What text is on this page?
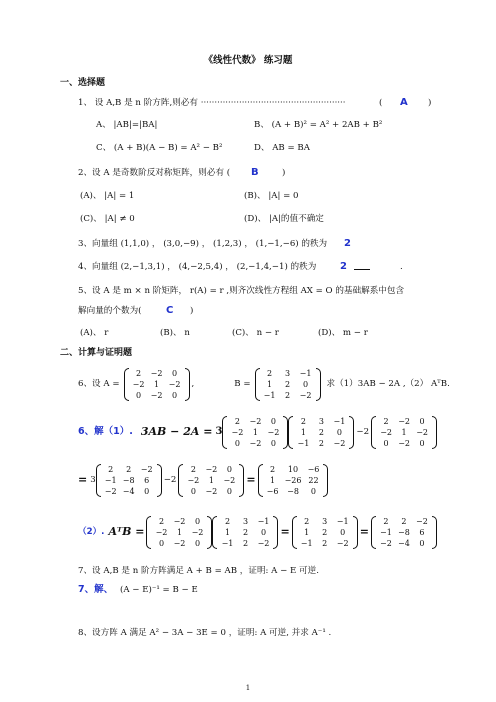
《线性代数》 练习题
一、选择题
1、 设 A,B 是 n 阶方阵,则必有 ·····················································	( A )
A、 |AB|=|BA|	B、 (A + B)² = A² + 2AB + B²
C、 (A + B)(A − B) = A² − B²	D、 AB = BA
2、设 A 是奇数阶反对称矩阵，则必有 ( B	)
(A)、 |A| = 1	(B)、 |A| = 0
(C)、 |A| ≠ 0	(D)、 |A|的值不确定
3、向量组 (1,1,0) ， (3,0,−9) ， (1,2,3) ， (1,−1,−6) 的秩为 2
4、向量组 (2,−1,3,1) ， (4,−2,5,4) ， (2,−1,4,−1) 的秩为 2	.
5、设 A 是 m × n 阶矩阵， r(A) = r ,则齐次线性方程组 AX = O 的基础解系中包含
解向量的个数为( C )
(A)、 r	(B)、 n	(C)、 n − r	(D)、 m − r
二、计算与证明题
6、设 A =
2	−2	0
−2	1	−2
0	−2	0
,	B =
2	3	−1
1	2	0
−1	2	−2
求（1）3AB − 2A ,（2） AᵀB.
6、解（1）. 3AB − 2A = 3
2	−2	0
−2	1	−2
0	−2	0
2	3	−1
1	2	0
−1	2	−2
−2
2	−2	0
−2	1	−2
0	−2	0
= 3
2	2	−2
−1	−8	6
−2	−4	0
−2
2	−2	0
−2	1	−2
0	−2	0
=
2	10	−6
1	−26	22
−6	−8	0
（2）. AᵀB =
2	−2	0
−2	1	−2
0	−2	0
2	3	−1
1	2	0
−1	2	−2
=
2	3	−1
1	2	0
−1	2	−2
=
2	2	−2
−1	−8	6
−2	−4	0
7、设 A,B 是 n 阶方阵满足 A + B = AB ，证明: A − E 可逆.
7、解、 (A − E)⁻¹ = B − E
8、设方阵 A 满足 A² − 3A − 3E = 0 ，证明: A 可逆, 并求 A⁻¹ .
1
